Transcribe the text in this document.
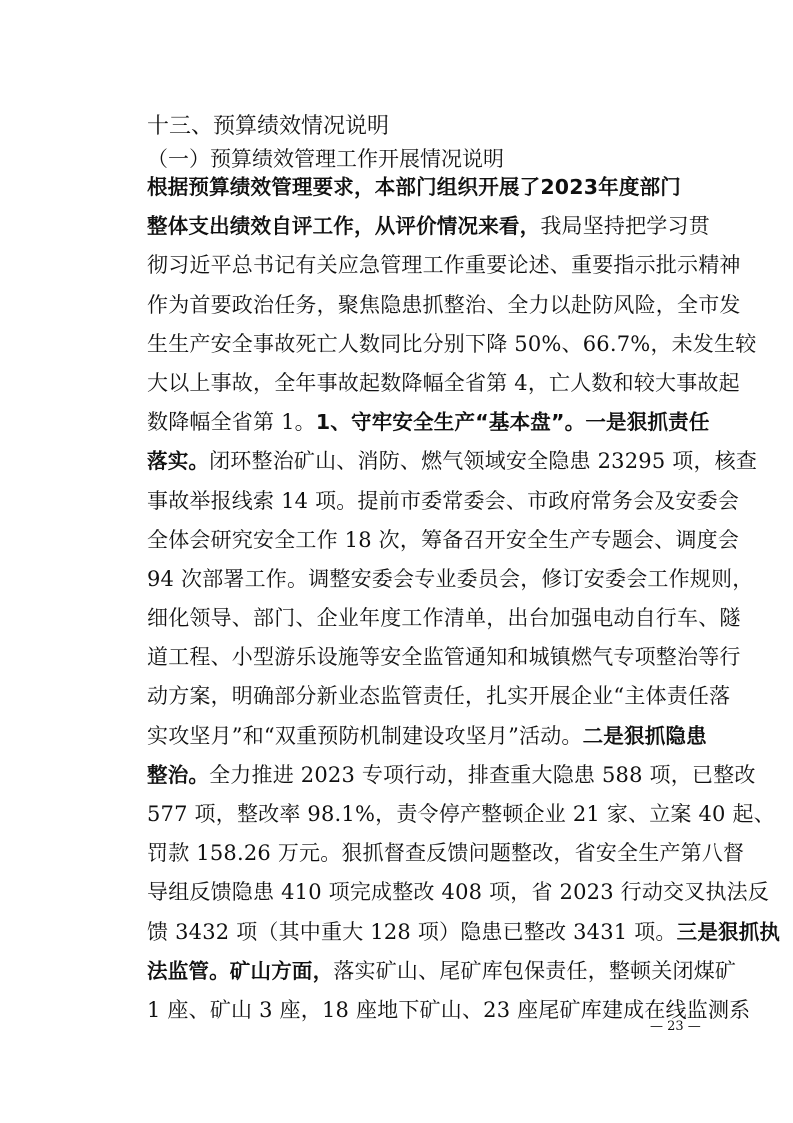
十三、预算绩效情况说明
（一）预算绩效管理工作开展情况说明
根据预算绩效管理要求，本部门组织开展了2023年度部门
整体支出绩效自评工作，从评价情况来看，我局坚持把学习贯
彻习近平总书记有关应急管理工作重要论述、重要指示批示精神
作为首要政治任务，聚焦隐患抓整治、全力以赴防风险，全市发
生生产安全事故死亡人数同比分别下降 50%、66.7%，未发生较
大以上事故，全年事故起数降幅全省第 4，亡人数和较大事故起
数降幅全省第 1。1、守牢安全生产“基本盘”。一是狠抓责任
落实。闭环整治矿山、消防、燃气领域安全隐患 23295 项，核查
事故举报线索 14 项。提前市委常委会、市政府常务会及安委会
全体会研究安全工作 18 次，筹备召开安全生产专题会、调度会
94 次部署工作。调整安委会专业委员会，修订安委会工作规则，
细化领导、部门、企业年度工作清单，出台加强电动自行车、隧
道工程、小型游乐设施等安全监管通知和城镇燃气专项整治等行
动方案，明确部分新业态监管责任，扎实开展企业“主体责任落
实攻坚月”和“双重预防机制建设攻坚月”活动。二是狠抓隐患
整治。全力推进 2023 专项行动，排查重大隐患 588 项，已整改
577 项，整改率 98.1%，责令停产整顿企业 21 家、立案 40 起、
罚款 158.26 万元。狠抓督查反馈问题整改，省安全生产第八督
导组反馈隐患 410 项完成整改 408 项，省 2023 行动交叉执法反
馈 3432 项（其中重大 128 项）隐患已整改 3431 项。三是狠抓执
法监管。矿山方面，落实矿山、尾矿库包保责任，整顿关闭煤矿
1 座、矿山 3 座，18 座地下矿山、23 座尾矿库建成在线监测系
— 23 —
